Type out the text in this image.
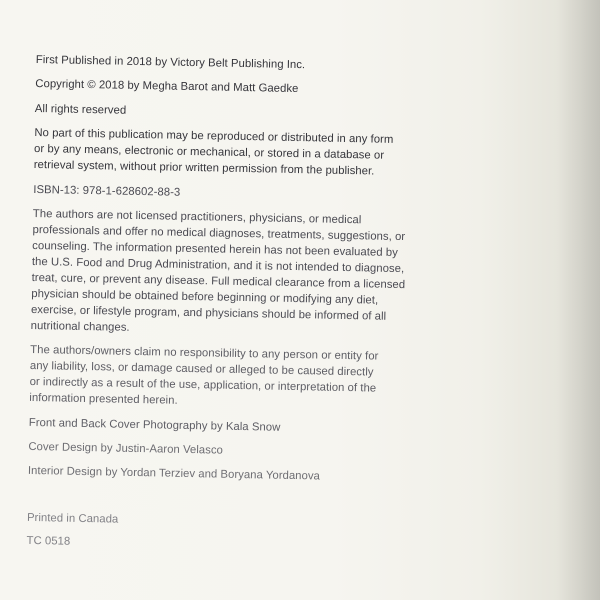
First Published in 2018 by Victory Belt Publishing Inc.

Copyright © 2018 by Megha Barot and Matt Gaedke

All rights reserved

No part of this publication may be reproduced or distributed in any form

or by any means, electronic or mechanical, or stored in a database or

retrieval system, without prior written permission from the publisher.

ISBN-13: 978-1-628602-88-3

The authors are not licensed practitioners, physicians, or medical

professionals and offer no medical diagnoses, treatments, suggestions, or

counseling. The information presented herein has not been evaluated by

the U.S. Food and Drug Administration, and it is not intended to diagnose,

treat, cure, or prevent any disease. Full medical clearance from a licensed

physician should be obtained before beginning or modifying any diet,

exercise, or lifestyle program, and physicians should be informed of all

nutritional changes.

The authors/owners claim no responsibility to any person or entity for

any liability, loss, or damage caused or alleged to be caused directly

or indirectly as a result of the use, application, or interpretation of the

information presented herein.

Front and Back Cover Photography by Kala Snow

Cover Design by Justin-Aaron Velasco

Interior Design by Yordan Terziev and Boryana Yordanova

Printed in Canada

TC 0518
